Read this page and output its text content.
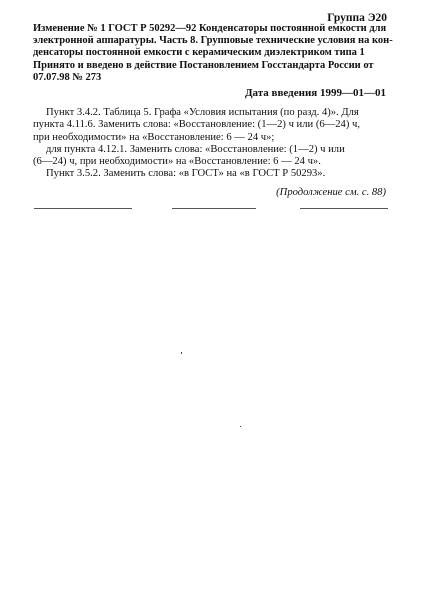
Группа Э20
Изменение № 1 ГОСТ Р 50292—92 Конденсаторы постоянной емкости для
электронной аппаратуры. Часть 8. Групповые технические условия на кон-
денсаторы постоянной емкости с керамическим диэлектриком типа 1
Принято и введено в действие Постановлением Госстандарта России от
07.07.98 № 273
Дата введения 1999—01—01
Пункт 3.4.2. Таблица 5. Графа «Условия испытания (по разд. 4)». Для
пункта 4.11.6. Заменить слова: «Восстановление: (1—2) ч или (6—24) ч,
при необходимости» на «Восстановление: 6 — 24 ч»;
для пункта 4.12.1. Заменить слова: «Восстановление: (1—2) ч или
(6—24) ч, при необходимости» на «Восстановление: 6 — 24 ч».
Пункт 3.5.2. Заменить слова: «в ГОСТ» на «в ГОСТ Р 50293».
(Продолжение см. с. 88)
